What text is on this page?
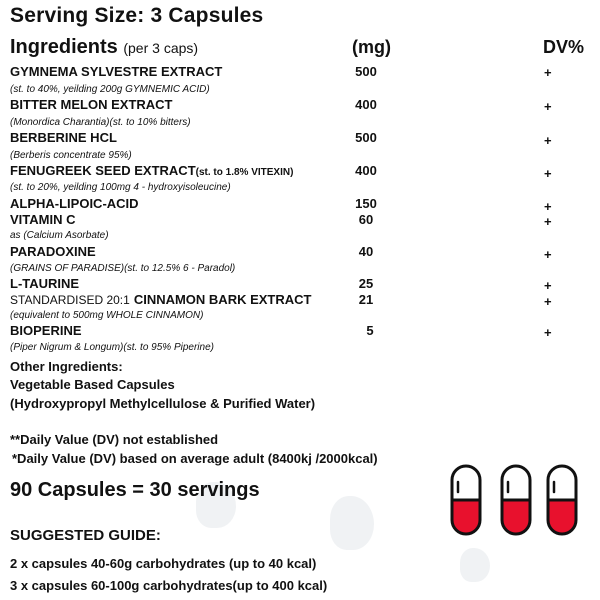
Serving Size: 3 Capsules
Ingredients (per 3 caps)	(mg)	DV%
GYMNEMA SYLVESTRE EXTRACT	500	+
(st. to 40%, yeilding 200g GYMNEMIC ACID)
BITTER MELON EXTRACT	400	+
(Monordica Charantia)(st. to 10% bitters)
BERBERINE HCL	500	+
(Berberis concentrate 95%)
FENUGREEK SEED EXTRACT(st. to 1.8% VITEXIN)	400	+
(st. to 20%, yeilding 100mg 4 - hydroxyisoleucine)
ALPHA-LIPOIC-ACID	150	+
VITAMIN C	60	+
as (Calcium Asorbate)
PARADOXINE	40	+
(GRAINS OF PARADISE)(st. to 12.5% 6 - Paradol)
L-TAURINE	25	+
STANDARDISED 20:1 CINNAMON BARK EXTRACT	21	+
(equivalent to 500mg WHOLE CINNAMON)
BIOPERINE	5	+
(Piper Nigrum & Longum)(st. to 95% Piperine)
Other Ingredients:
Vegetable Based Capsules
(Hydroxypropyl Methylcellulose & Purified Water)
**Daily Value (DV) not established
*Daily Value (DV) based on average adult (8400kj /2000kcal)
90 Capsules = 30 servings
SUGGESTED GUIDE:
2 x capsules 40-60g carbohydrates (up to 40 kcal)
3 x capsules 60-100g carbohydrates(up to 400 kcal)
